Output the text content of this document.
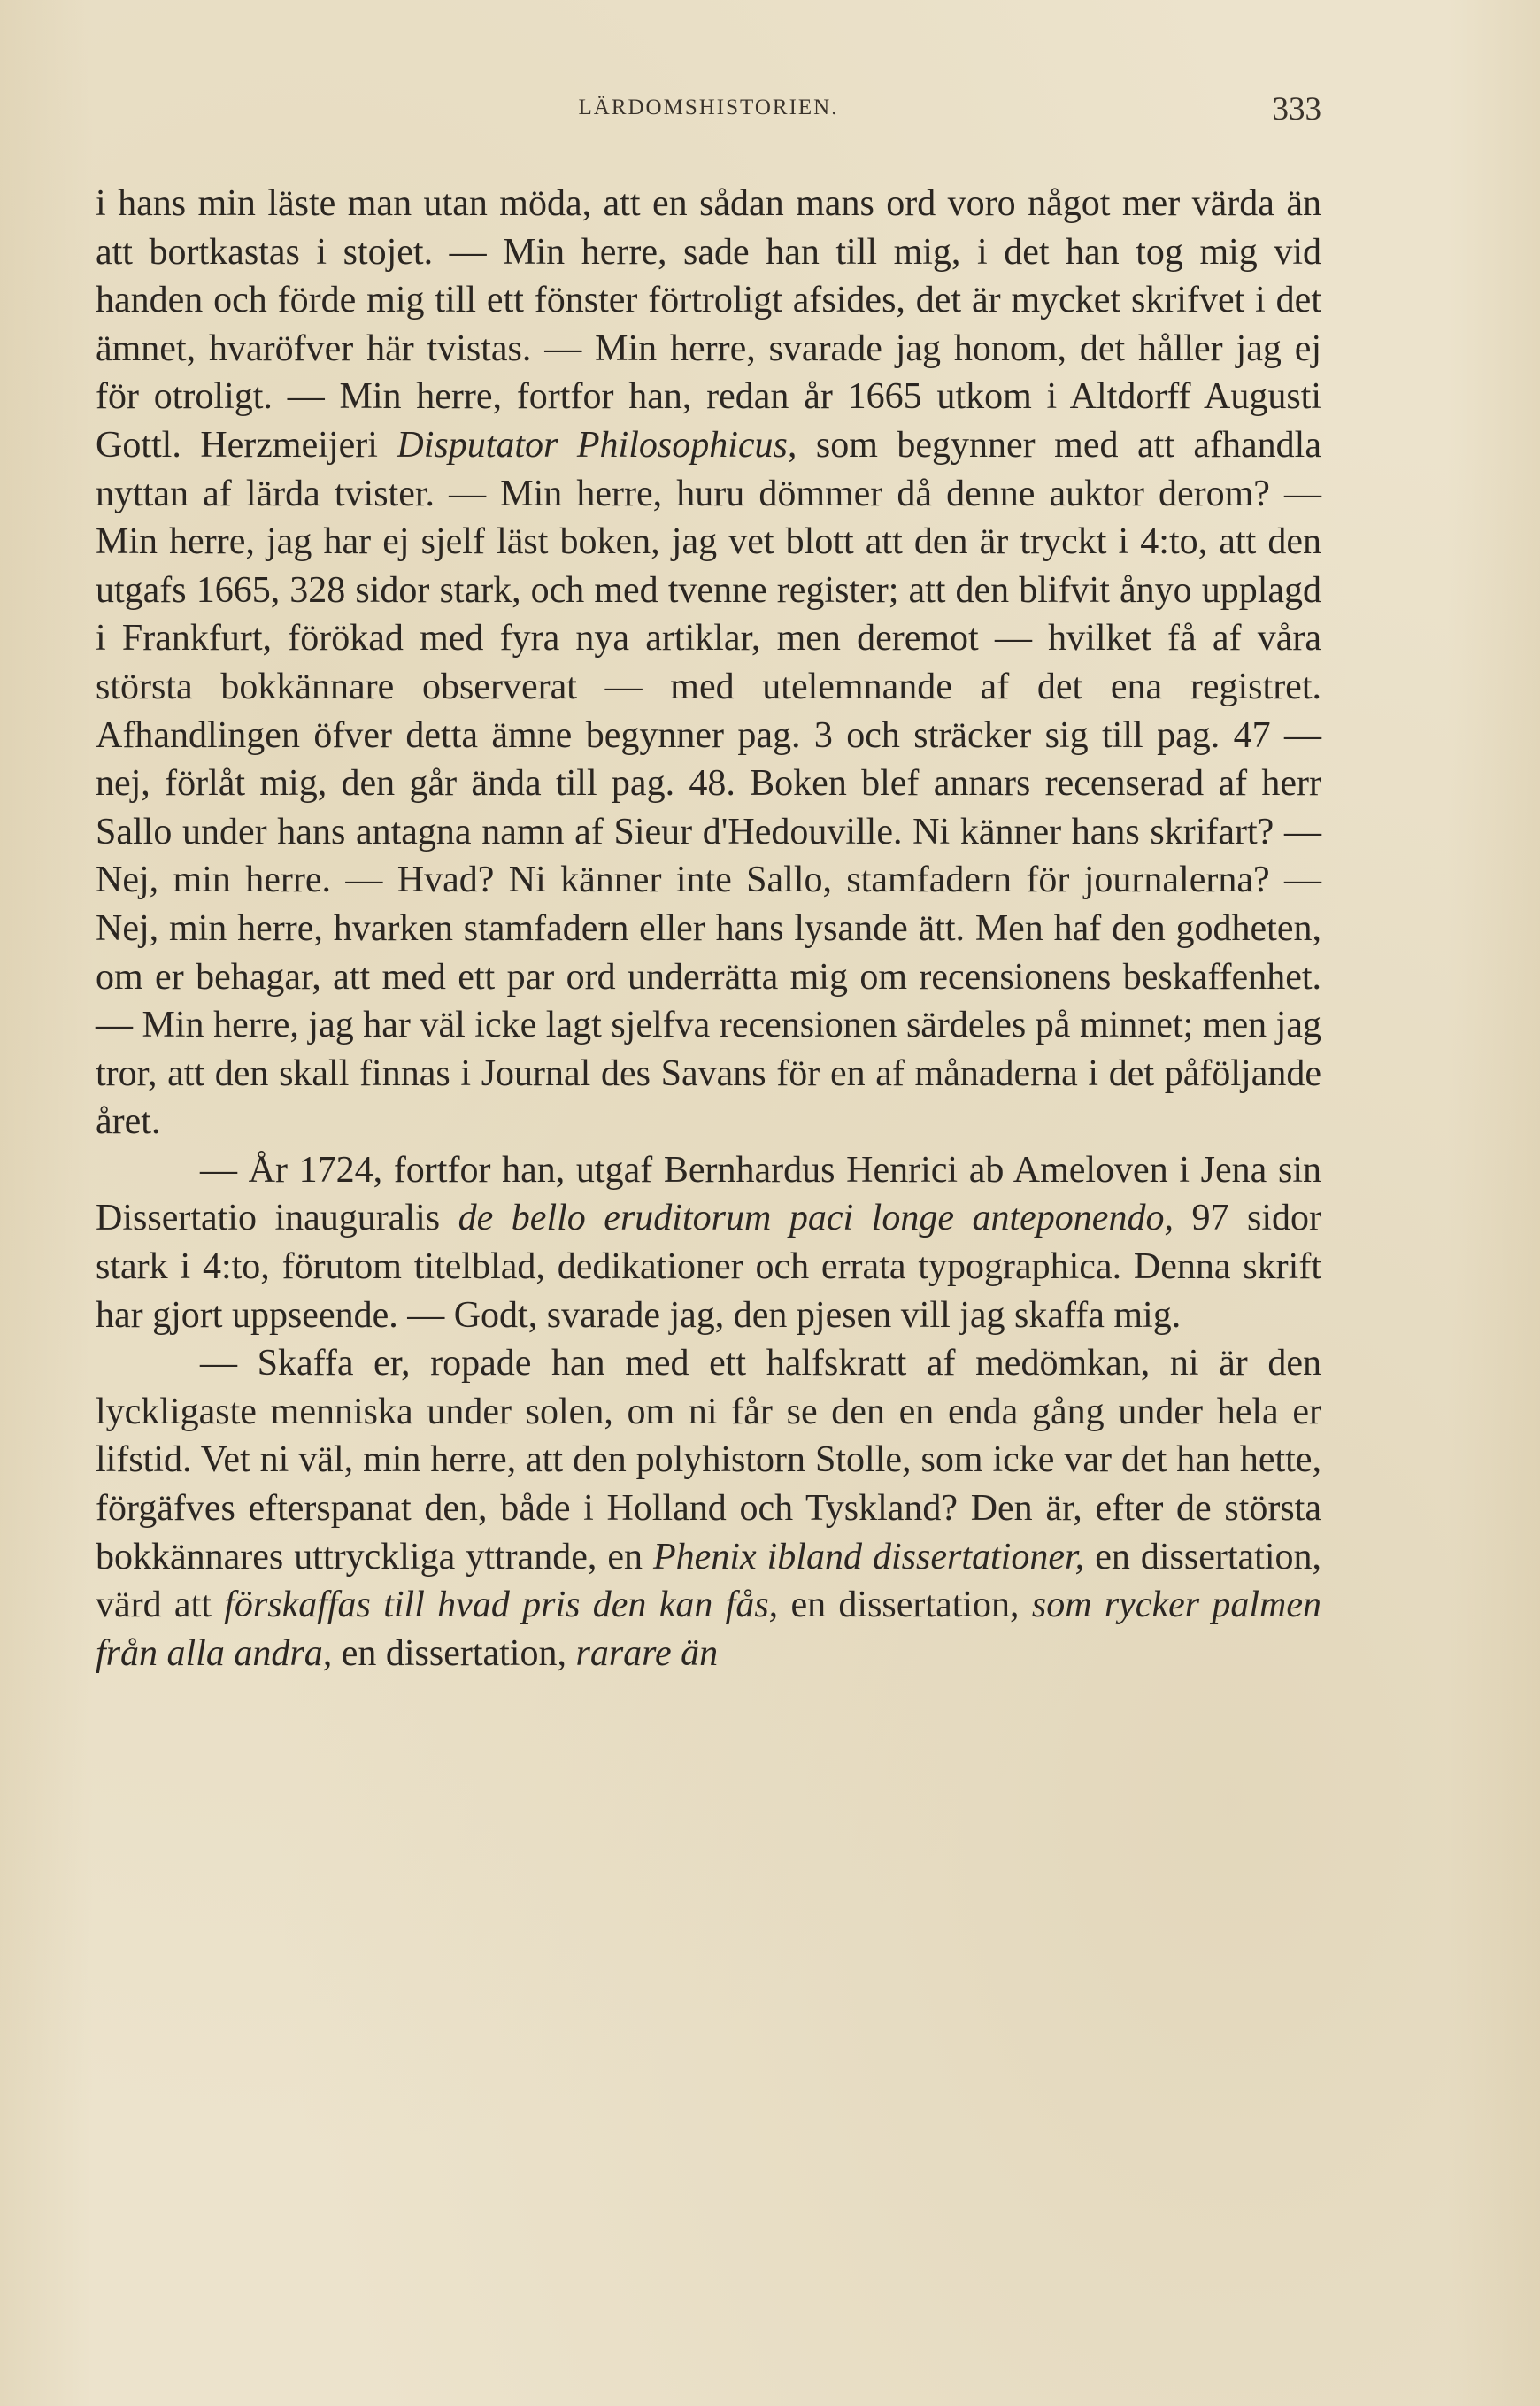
LÄRDOMSHISTORIEN.	333

i hans min läste man utan möda, att en sådan mans ord voro något mer värda än att bortkastas i stojet. — Min herre, sade han till mig, i det han tog mig vid handen och förde mig till ett fönster förtroligt afsides, det är mycket skrifvet i det ämnet, hvaröfver här tvistas. — Min herre, svarade jag honom, det håller jag ej för otroligt. — Min herre, fortfor han, redan år 1665 utkom i Altdorff Augusti Gottl. Herzmeijeri Disputator Philosophicus, som begynner med att afhandla nyttan af lärda tvister. — Min herre, huru dömmer då denne auktor derom? — Min herre, jag har ej sjelf läst boken, jag vet blott att den är tryckt i 4:to, att den utgafs 1665, 328 sidor stark, och med tvenne register; att den blifvit ånyo upplagd i Frankfurt, förökad med fyra nya artiklar, men deremot — hvilket få af våra största bokkännare observerat — med utelemnande af det ena registret. Afhandlingen öfver detta ämne begynner pag. 3 och sträcker sig till pag. 47 — nej, förlåt mig, den går ända till pag. 48. Boken blef annars recenserad af herr Sallo under hans antagna namn af Sieur d'Hedouville. Ni känner hans skrifart? — Nej, min herre. — Hvad? Ni känner inte Sallo, stamfadern för journalerna? — Nej, min herre, hvarken stamfadern eller hans lysande ätt. Men haf den godheten, om er behagar, att med ett par ord underrätta mig om recensionens beskaffenhet. — Min herre, jag har väl icke lagt sjelfva recensionen särdeles på minnet; men jag tror, att den skall finnas i Journal des Savans för en af månaderna i det påföljande året.

— År 1724, fortfor han, utgaf Bernhardus Henrici ab Ameloven i Jena sin Dissertatio inauguralis de bello eruditorum paci longe anteponendo, 97 sidor stark i 4:to, förutom titelblad, dedikationer och errata typographica. Denna skrift har gjort uppseende. — Godt, svarade jag, den pjesen vill jag skaffa mig.

— Skaffa er, ropade han med ett halfskratt af medömkan, ni är den lyckligaste menniska under solen, om ni får se den en enda gång under hela er lifstid. Vet ni väl, min herre, att den polyhistorn Stolle, som icke var det han hette, förgäfves efterspanat den, både i Holland och Tyskland? Den är, efter de största bokkännares uttryckliga yttrande, en Phenix ibland dissertationer, en dissertation, värd att förskaffas till hvad pris den kan fås, en dissertation, som rycker palmen från alla andra, en dissertation, rarare än
